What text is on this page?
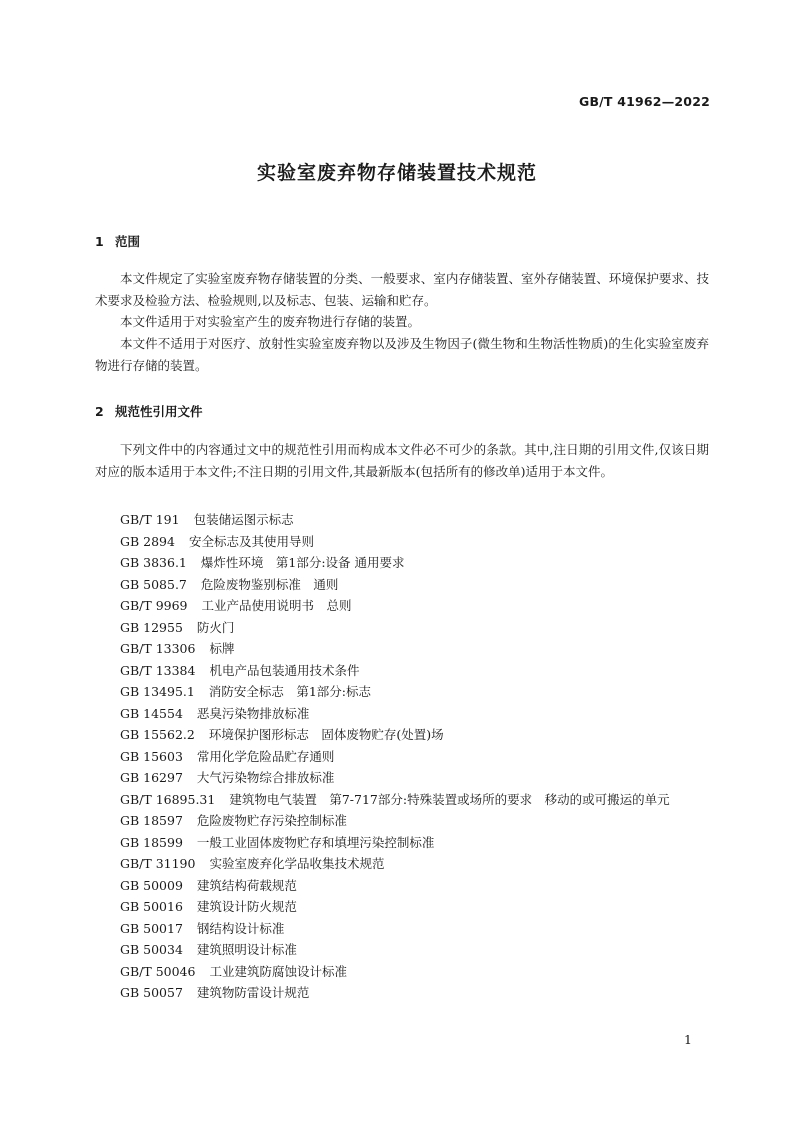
GB/T 41962—2022
实验室废弃物存储装置技术规范
1 范围

本文件规定了实验室废弃物存储装置的分类、一般要求、室内存储装置、室外存储装置、环境保护要求、技术要求及检验方法、检验规则,以及标志、包装、运输和贮存。

本文件适用于对实验室产生的废弃物进行存储的装置。

本文件不适用于对医疗、放射性实验室废弃物以及涉及生物因子(微生物和生物活性物质)的生化实验室废弃物进行存储的装置。

2 规范性引用文件

下列文件中的内容通过文中的规范性引用而构成本文件必不可少的条款。其中,注日期的引用文件,仅该日期对应的版本适用于本文件;不注日期的引用文件,其最新版本(包括所有的修改单)适用于本文件。

GB/T 191 包装储运图示标志
GB 2894 安全标志及其使用导则
GB 3836.1 爆炸性环境　第1部分:设备 通用要求
GB 5085.7 危险废物鉴别标准　通则
GB/T 9969 工业产品使用说明书　总则
GB 12955 防火门
GB/T 13306 标牌
GB/T 13384 机电产品包装通用技术条件
GB 13495.1 消防安全标志　第1部分:标志
GB 14554 恶臭污染物排放标准
GB 15562.2 环境保护图形标志　固体废物贮存(处置)场
GB 15603 常用化学危险品贮存通则
GB 16297 大气污染物综合排放标准
GB/T 16895.31 建筑物电气装置　第7-717部分:特殊装置或场所的要求　移动的或可搬运的单元
GB 18597 危险废物贮存污染控制标准
GB 18599 一般工业固体废物贮存和填埋污染控制标准
GB/T 31190 实验室废弃化学品收集技术规范
GB 50009 建筑结构荷载规范
GB 50016 建筑设计防火规范
GB 50017 钢结构设计标准
GB 50034 建筑照明设计标准
GB/T 50046 工业建筑防腐蚀设计标准
GB 50057 建筑物防雷设计规范
1
